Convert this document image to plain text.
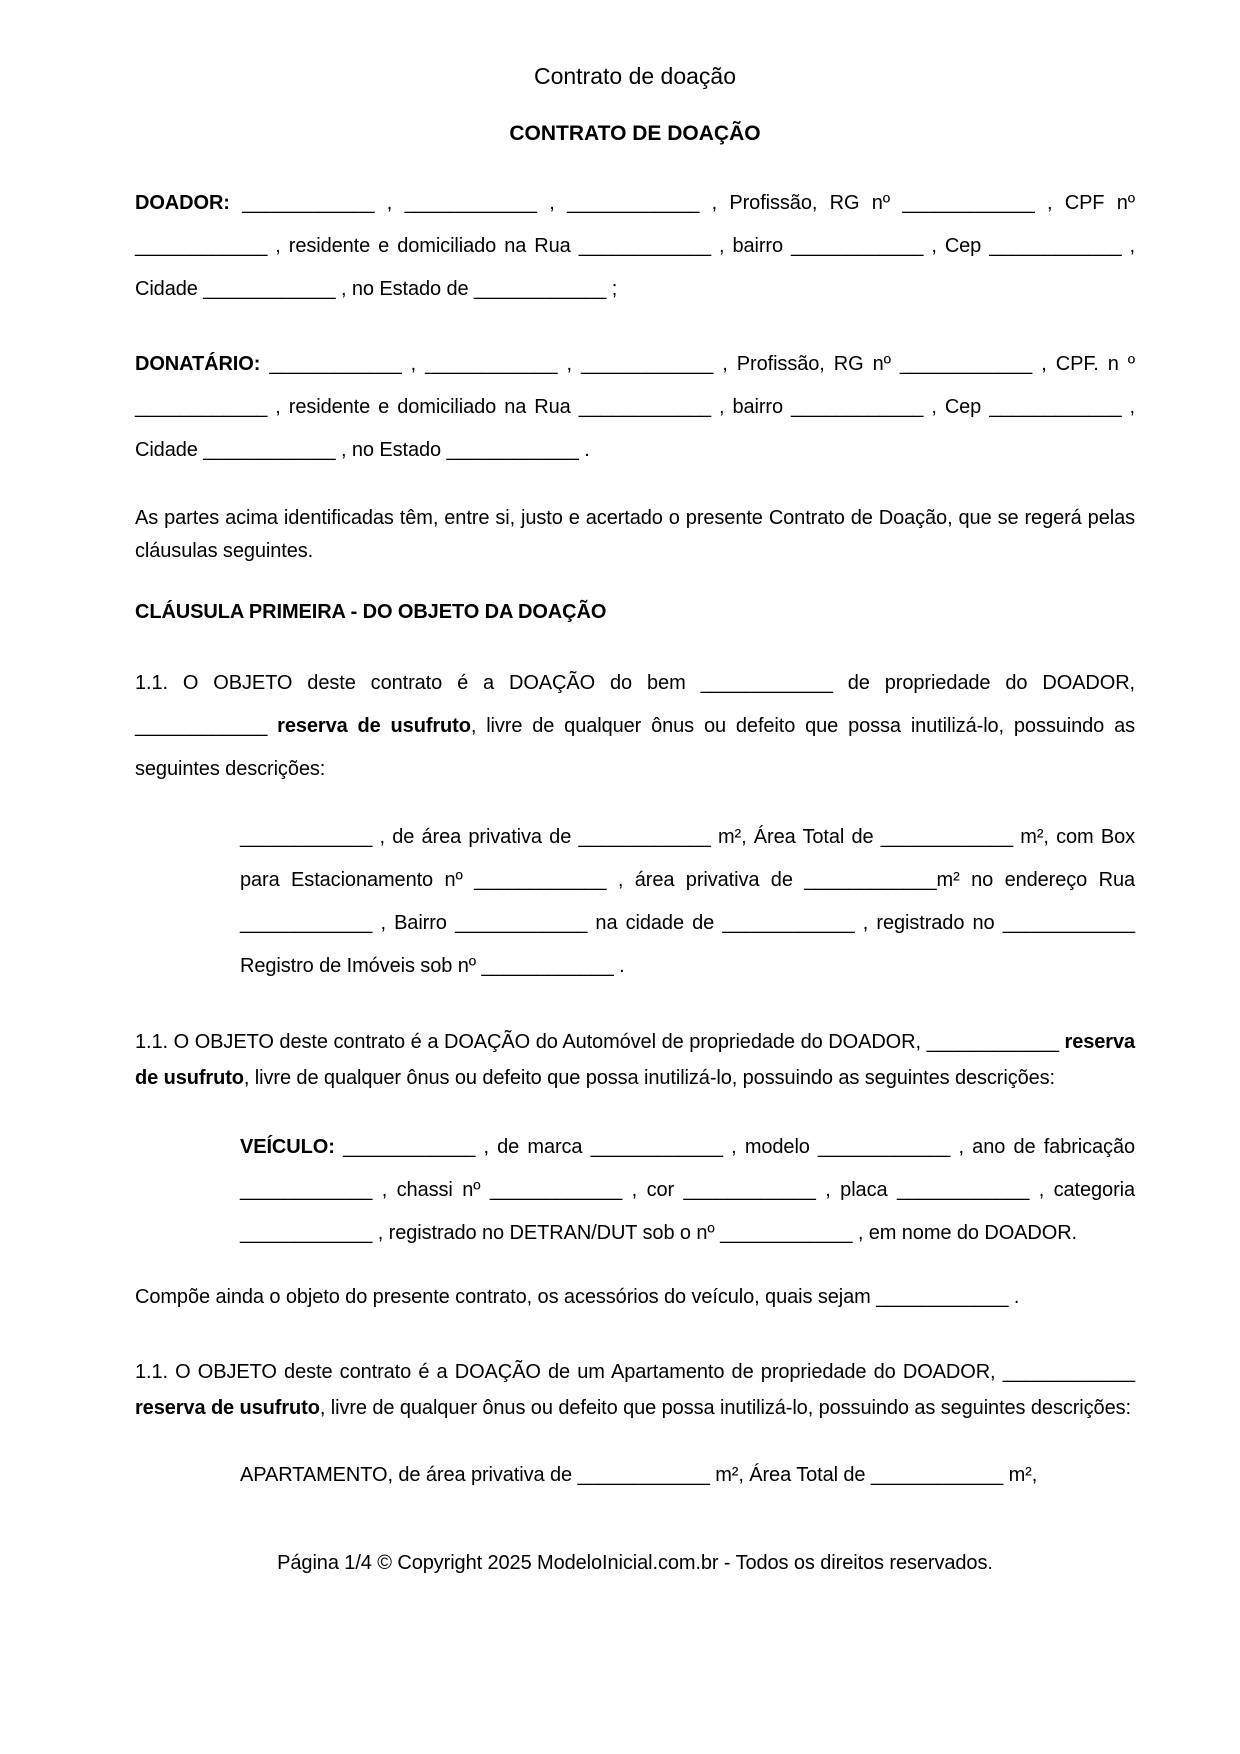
Contrato de doação

CONTRATO DE DOAÇÃO

DOADOR: ____________ , ____________ , ____________ , Profissão, RG nº ____________ , CPF nº ____________ , residente e domiciliado na Rua ____________ , bairro ____________ , Cep ____________ , Cidade ____________ , no Estado de ____________ ;

DONATÁRIO: ____________ , ____________ , ____________ , Profissão, RG nº ____________ , CPF. n º ____________ , residente e domiciliado na Rua ____________ , bairro ____________ , Cep ____________ , Cidade ____________ , no Estado ____________ .

As partes acima identificadas têm, entre si, justo e acertado o presente Contrato de Doação, que se regerá pelas cláusulas seguintes.

CLÁUSULA PRIMEIRA - DO OBJETO DA DOAÇÃO

1.1. O OBJETO deste contrato é a DOAÇÃO do bem ____________ de propriedade do DOADOR, ____________ reserva de usufruto, livre de qualquer ônus ou defeito que possa inutilizá-lo, possuindo as seguintes descrições:

____________ , de área privativa de ____________ m², Área Total de ____________ m², com Box para Estacionamento nº ____________ , área privativa de ____________m² no endereço Rua ____________ , Bairro ____________ na cidade de ____________ , registrado no ____________ Registro de Imóveis sob nº ____________ .

1.1. O OBJETO deste contrato é a DOAÇÃO do Automóvel de propriedade do DOADOR, ____________ reserva de usufruto, livre de qualquer ônus ou defeito que possa inutilizá-lo, possuindo as seguintes descrições:

VEÍCULO: ____________ , de marca ____________ , modelo ____________ , ano de fabricação ____________ , chassi nº ____________ , cor ____________ , placa ____________ , categoria ____________ , registrado no DETRAN/DUT sob o nº ____________ , em nome do DOADOR.

Compõe ainda o objeto do presente contrato, os acessórios do veículo, quais sejam ____________ .

1.1. O OBJETO deste contrato é a DOAÇÃO de um Apartamento de propriedade do DOADOR, ____________ reserva de usufruto, livre de qualquer ônus ou defeito que possa inutilizá-lo, possuindo as seguintes descrições:

APARTAMENTO, de área privativa de ____________ m², Área Total de ____________ m²,

Página 1/4 © Copyright 2025 ModeloInicial.com.br - Todos os direitos reservados.
